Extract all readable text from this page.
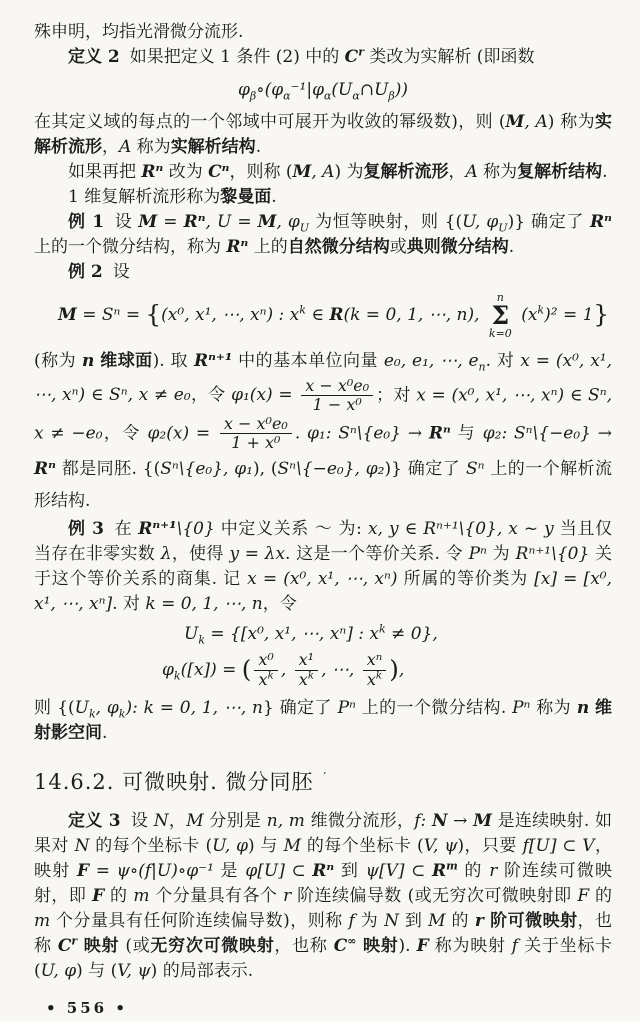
殊申明，均指光滑微分流形.

定义 2 如果把定义 1 条件 (2) 中的 $C^r$ 类改为实解析 (即函数

$\varphi_\beta\circ(\varphi_\alpha^{-1}|\varphi_\alpha(U_\alpha\cap U_\beta))$

在其定义域的每点的一个邻域中可展开为收敛的幂级数)，则 (M, A) 称为实解析流形，A 称为实解析结构.

如果再把 Rⁿ 改为 Cⁿ，则称 (M, A) 为复解析流形，A 称为复解析结构.

1 维复解析流形称为黎曼面.

例 1 设 M = Rⁿ, U = M, $\varphi_U$ 为恒等映射，则 {(U, $\varphi_U$)} 确定了 Rⁿ 上的一个微分结构，称为 Rⁿ 上的自然微分结构或典则微分结构.

例 2 设

M = Sⁿ = {(x⁰, x¹, ⋯, xⁿ) : $x^k$ ∈ R(k = 0, 1, ⋯, n),
n
Σ
k=0
$(x^k)^2 = 1$}

(称为 n 维球面). 取 Rⁿ⁺¹ 中的基本单位向量 e₀, e₁, ⋯, $e_n$. 对 x = (x⁰, x¹, ⋯, xⁿ) ∈ Sⁿ, x ≠ e₀，令 $\varphi_1(x) = \frac{\text{x − x⁰e₀}}{\text{1 − x⁰}}$ ；对 x = (x⁰, x¹, ⋯, xⁿ) ∈ Sⁿ, x ≠ −e₀，令 $\varphi_2(x) = \frac{\text{x − x⁰e₀}}{\text{1 + x⁰}}$ . φ₁: Sⁿ\{e₀} → Rⁿ 与 φ₂: Sⁿ\{−e₀} → Rⁿ 都是同胚. {(Sⁿ\{e₀}, φ₁), (Sⁿ\{−e₀}, φ₂)} 确定了 Sⁿ 上的一个解析流形结构.

例 3 在 Rⁿ⁺¹\{0} 中定义关系 ～ 为: x, y ∈ Rⁿ⁺¹\{0}, x ~ y 当且仅当存在非零实数 λ，使得 y = λx. 这是一个等价关系. 令 Pⁿ 为 Rⁿ⁺¹\{0} 关于这个等价关系的商集. 记 x = (x⁰, x¹, ⋯, xⁿ) 所属的等价类为 [x] = [x⁰, x¹, ⋯, xⁿ]. 对 k = 0, 1, ⋯, n，令

$U_k = \{[x^0$, x¹, ⋯, xⁿ] : $x^k \ne 0$},
$\varphi_k([x])$ = ( $\frac{\text{x⁰}}{x^k}$ , $\frac{\text{x¹}}{x^k}$ , ⋯, $\frac{\text{xⁿ}}{x^k}$ ),

则 {($U_k$, $\varphi_k$): k = 0, 1, ⋯, n} 确定了 Pⁿ 上的一个微分结构. Pⁿ 称为 n 维射影空间.

14.6.2. 可微映射. 微分同胚 ′

定义 3 设 N，M 分别是 n, m 维微分流形，f: N → M 是连续映射. 如果对 N 的每个坐标卡 (U, φ) 与 M 的每个坐标卡 (V, ψ)，只要 f[U] ⊂ V，映射 F = ψ∘(f|U)∘φ⁻¹ 是 φ[U] ⊂ Rⁿ 到 ψ[V] ⊂ $R^m$ 的 r 阶连续可微映射，即 F 的 m 个分量具有各个 r 阶连续偏导数 (或无穷次可微映射即 F 的 m 个分量具有任何阶连续偏导数)，则称 f 为 N 到 M 的 r 阶可微映射，也称 $C^r$ 映射 (或无穷次可微映射，也称 C∞ 映射). F 称为映射 f 关于坐标卡 (U, φ) 与 (V, ψ) 的局部表示.

• 556 •
